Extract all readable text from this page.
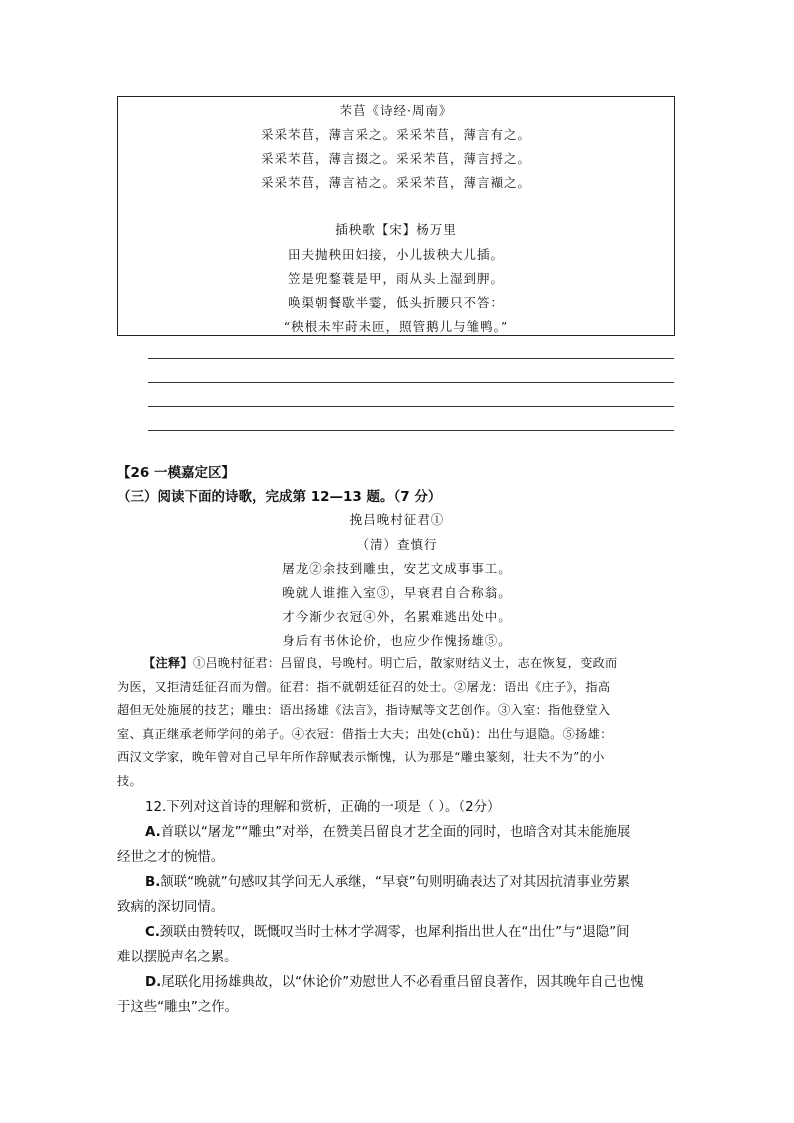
芣苢《诗经·周南》
采采芣苢，薄言采之。采采芣苢，薄言有之。
采采芣苢，薄言掇之。采采芣苢，薄言捋之。
采采芣苢，薄言袺之。采采芣苢，薄言襭之。
插秧歌【宋】杨万里
田夫抛秧田妇接，小儿拔秧大儿插。
笠是兜鍪蓑是甲，雨从头上湿到胛。
唤渠朝餐歇半霎，低头折腰只不答：
“秧根未牢莳未匝，照管鹅儿与雏鸭。”
【26 一模嘉定区】
（三）阅读下面的诗歌，完成第 12—13 题。（7 分）
挽吕晚村征君①
（清）查慎行
屠龙②余技到雕虫，安艺文成事事工。
晚就人谁推入室③，早衰君自合称翁。
才今渐少衣冠④外，名累难逃出处中。
身后有书休论价，也应少作愧扬雄⑤。
【注释】①吕晚村征君：吕留良，号晚村。明亡后，散家财结义士，志在恢复，变政而
为医，又拒清廷征召而为僧。征君：指不就朝廷征召的处士。②屠龙：语出《庄子》，指高
超但无处施展的技艺；雕虫：语出扬雄《法言》，指诗赋等文艺创作。③入室：指他登堂入
室、真正继承老师学问的弟子。④衣冠：借指士大夫；出处(chǔ)：出仕与退隐。⑤扬雄：
西汉文学家，晚年曾对自己早年所作辞赋表示惭愧，认为那是“雕虫篆刻，壮夫不为”的小
技。
12.下列对这首诗的理解和赏析，正确的一项是（ ）。（2分）
A.首联以“屠龙”“雕虫”对举，在赞美吕留良才艺全面的同时，也暗含对其未能施展
经世之才的惋惜。
B.颔联“晚就”句感叹其学问无人承继，“早衰”句则明确表达了对其因抗清事业劳累
致病的深切同情。
C.颈联由赞转叹，既慨叹当时士林才学凋零，也犀利指出世人在“出仕”与“退隐”间
难以摆脱声名之累。
D.尾联化用扬雄典故，以“休论价”劝慰世人不必看重吕留良著作，因其晚年自己也愧
于这些“雕虫”之作。
